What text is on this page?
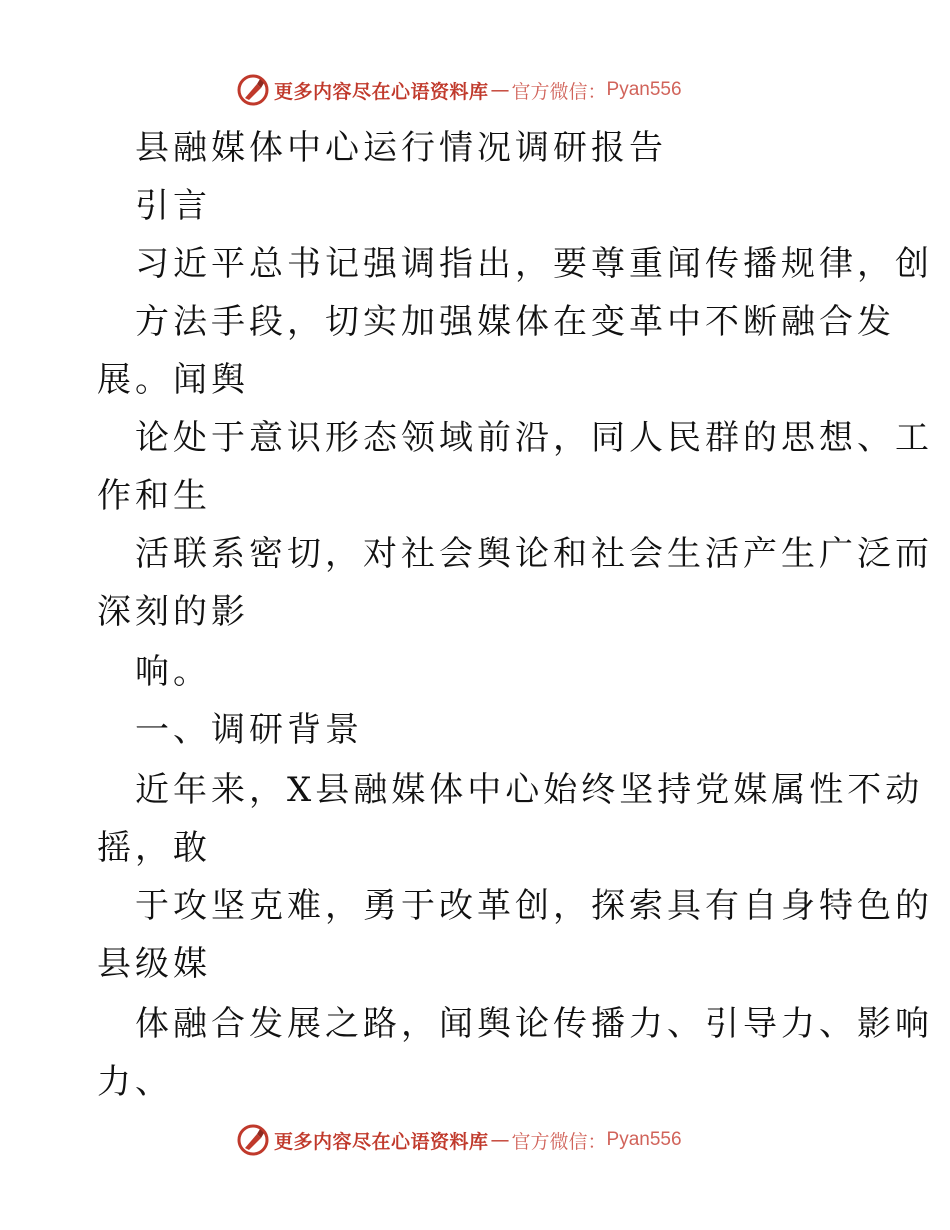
更多内容尽在心语资料库 — 官方微信： Pyan556
县融媒体中心运行情况调研报告
引言
习近平总书记强调指出，要尊重闻传播规律，创
方法手段，切实加强媒体在变革中不断融合发
展。闻舆
论处于意识形态领域前沿，同人民群的思想、工
作和生
活联系密切，对社会舆论和社会生活产生广泛而
深刻的影
响。
一、调研背景
近年来，X县融媒体中心始终坚持党媒属性不动
摇，敢
于攻坚克难，勇于改革创，探索具有自身特色的
县级媒
体融合发展之路，闻舆论传播力、引导力、影响
力、
更多内容尽在心语资料库 — 官方微信： Pyan556
